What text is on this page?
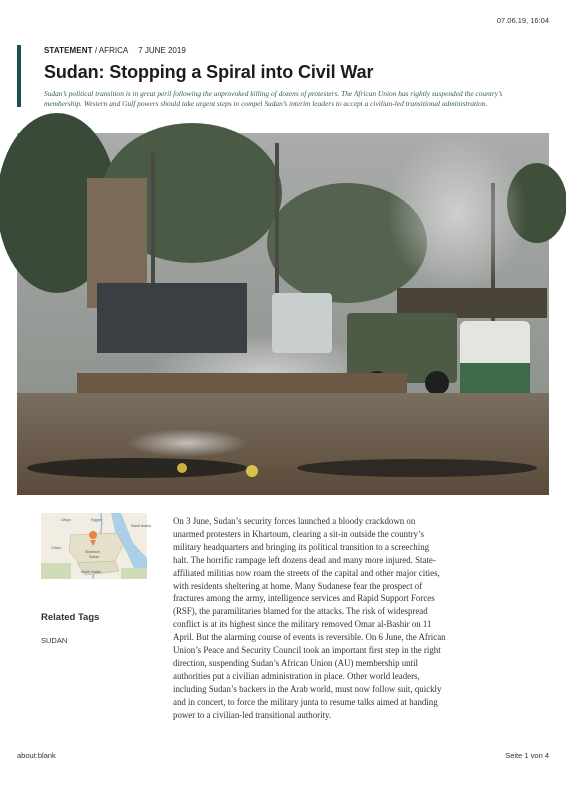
07.06.19, 16:04
STATEMENT / AFRICA 7 JUNE 2019
Sudan: Stopping a Spiral into Civil War
Sudan’s political transition is in great peril following the unprovoked killing of dozens of protesters. The African Union has rightly suspended the country’s
membership. Western and Gulf powers should take urgent steps to compel Sudan’s interim leaders to accept a civilian-led transitional administration.
Libya	Egypt
Saudi Arabia
Chad
Khartoum
Sudan
South Sudan
Related Tags
SUDAN
On 3 June, Sudan’s security forces launched a bloody crackdown on
unarmed protesters in Khartoum, clearing a sit-in outside the country’s
military headquarters and bringing its political transition to a screeching
halt. The horrific rampage left dozens dead and many more injured. State-
affiliated militias now roam the streets of the capital and other major cities,
with residents sheltering at home. Many Sudanese fear the prospect of
fractures among the army, intelligence services and Rapid Support Forces
(RSF), the paramilitaries blamed for the attacks. The risk of widespread
conflict is at its highest since the military removed Omar al-Bashir on 11
April. But the alarming course of events is reversible. On 6 June, the African
Union’s Peace and Security Council took an important first step in the right
direction, suspending Sudan’s African Union (AU) membership until
authorities put a civilian administration in place. Other world leaders,
including Sudan’s backers in the Arab world, must now follow suit, quickly
and in concert, to force the military junta to resume talks aimed at handing
power to a civilian-led transitional authority.
about:blank	Seite 1 von 4
